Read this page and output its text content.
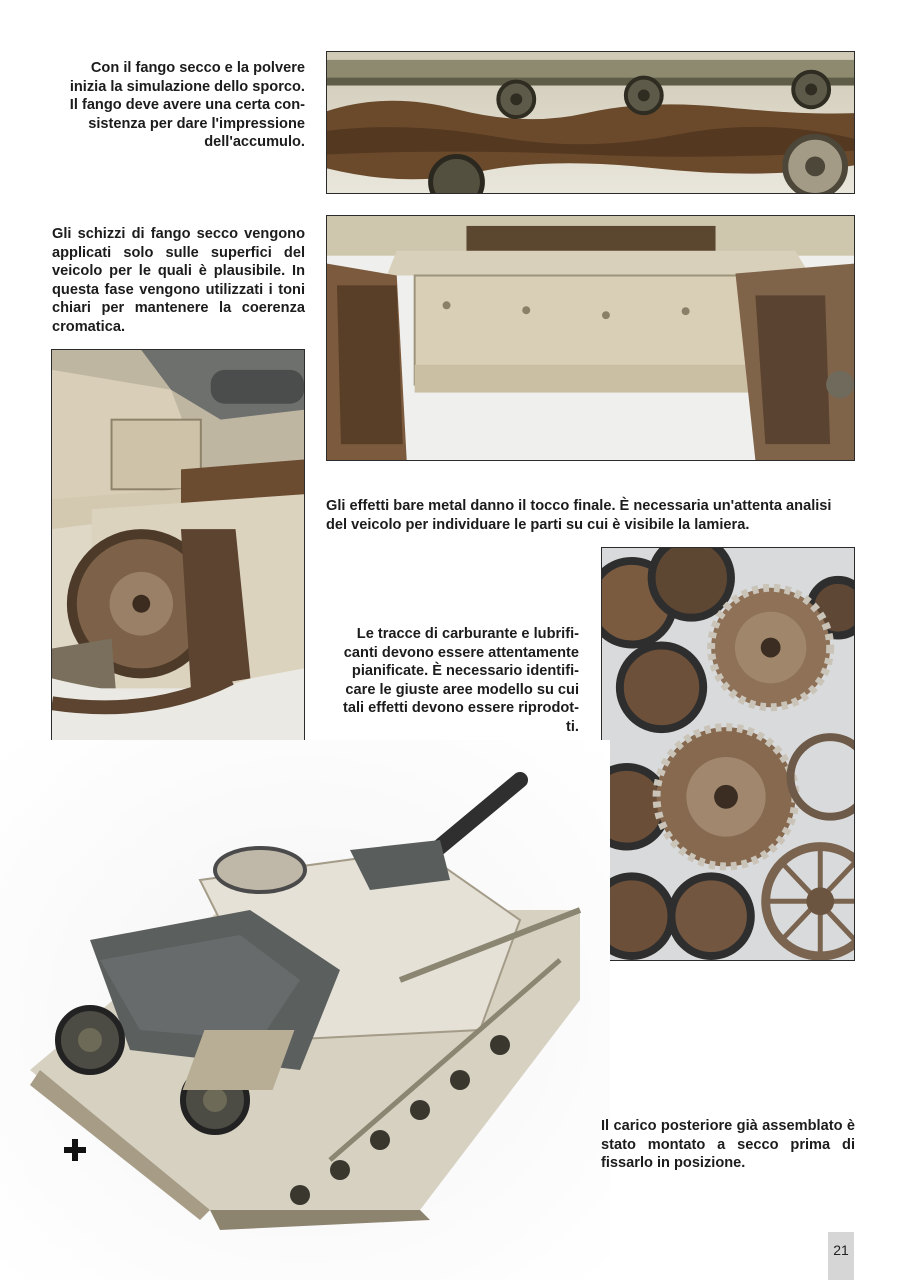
Con il fango secco e la polvere
inizia la simulazione dello sporco.
Il fango deve avere una certa con-
sistenza per dare l'impressione
dell'accumulo.
Gli schizzi di fango secco vengono applicati solo sulle superfici del veicolo per le quali è plausibile. In questa fase vengono utilizzati i toni chiari per mantenere la coerenza cromatica.
Gli effetti bare metal danno il tocco finale. È necessaria un'attenta analisi
del veicolo per individuare le parti su cui è visibile la lamiera.
Le tracce di carburante e lubrifi-
canti devono essere attentamente
pianificate. È necessario identifi-
care le giuste aree modello su cui
tali effetti devono essere riprodot-
ti.
Il carico posteriore già assemblato è stato montato a secco prima di fissarlo in posizione.
21
